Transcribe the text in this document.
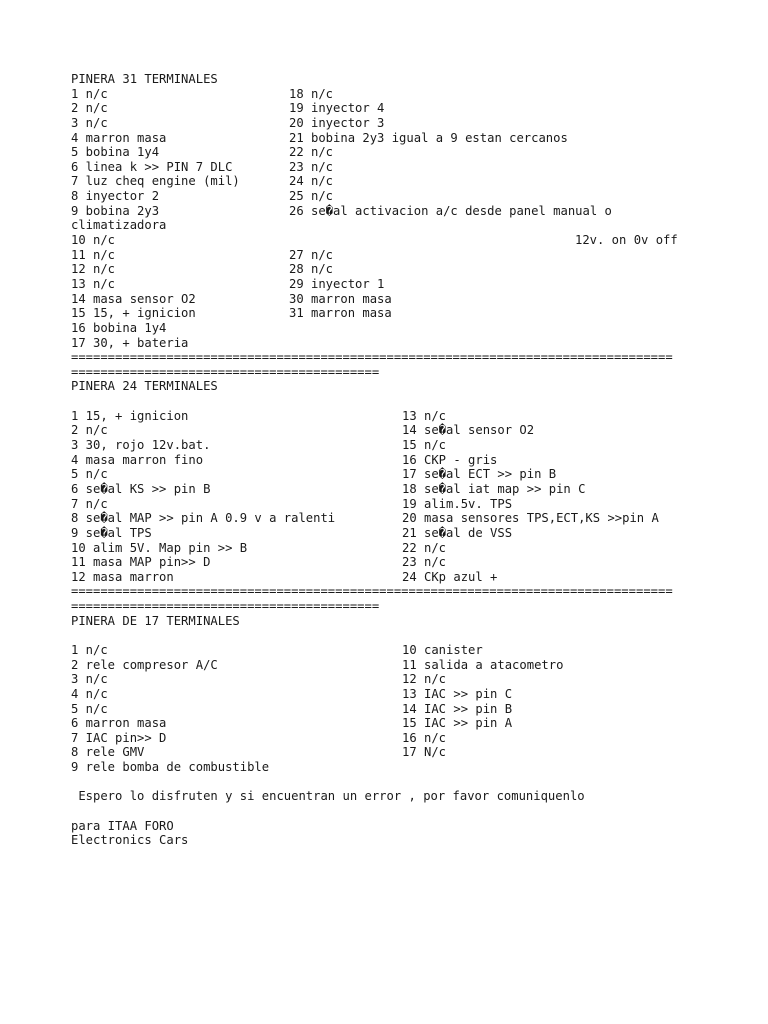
PINERA 31 TERMINALES
1 n/c	18 n/c
2 n/c	19 inyector 4
3 n/c	20 inyector 3
4 marron masa	21 bobina 2y3 igual a 9 estan cercanos
5 bobina 1y4	22 n/c
6 linea k >> PIN 7 DLC	23 n/c
7 luz cheq engine (mil)	24 n/c
8 inyector 2	25 n/c
9 bobina 2y3	26 se�al activacion a/c desde panel manual o
climatizadora

10 n/c

	12v. on 0v off

11 n/c	27 n/c
12 n/c	28 n/c
13 n/c	29 inyector 1
14 masa sensor O2	30 marron masa
15 15, + ignicion	31 marron masa
16 bobina 1y4
17 30, + bateria
==================================================================================
==========================================
PINERA 24 TERMINALES
1 15, + ignicion	13 n/c
2 n/c	14 se�al sensor O2
3 30, rojo 12v.bat.	15 n/c
4 masa marron fino	16 CKP - gris
5 n/c	17 se�al ECT >> pin B
6 se�al KS >> pin B	18 se�al iat map >> pin C
7 n/c	19 alim.5v. TPS
8 se�al MAP >> pin A 0.9 v a ralenti	20 masa sensores TPS,ECT,KS >>pin A
9 se�al TPS	21 se�al de VSS
10 alim 5V. Map pin >> B	22 n/c
11 masa MAP pin>> D	23 n/c
12 masa marron	24 CKp azul +
==================================================================================
==========================================
PINERA DE 17 TERMINALES
1 n/c	10 canister
2 rele compresor A/C	11 salida a atacometro
3 n/c	12 n/c
4 n/c	13 IAC >> pin C
5 n/c	14 IAC >> pin B
6 marron masa	15 IAC >> pin A
7 IAC pin>> D	16 n/c
8 rele GMV	17 N/c
9 rele bomba de combustible
Espero lo disfruten y si encuentran un error , por favor comuniquenlo
para ITAA FORO
Electronics Cars
